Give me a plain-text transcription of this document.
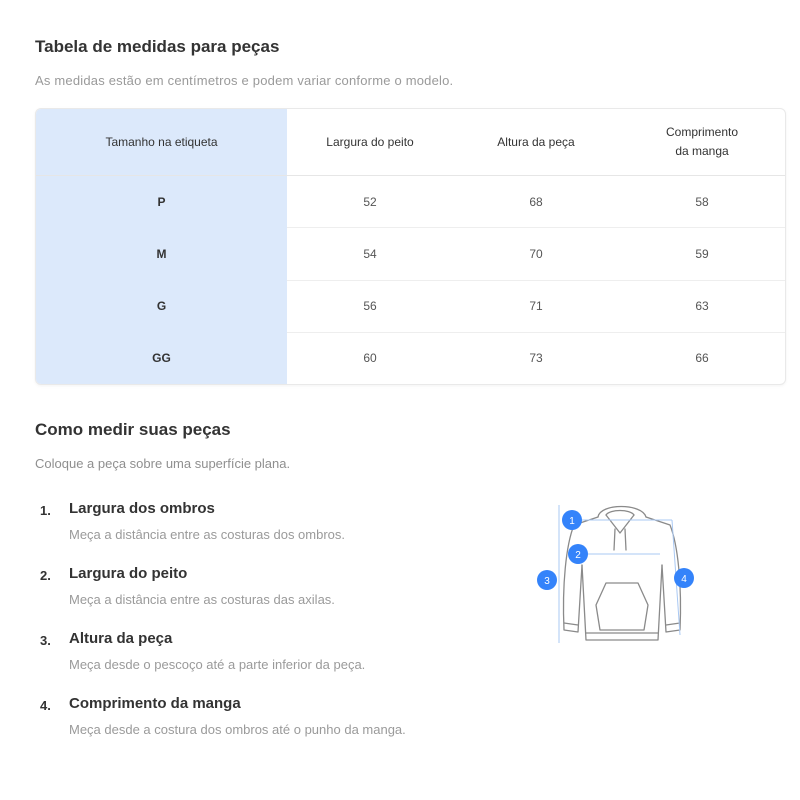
Tabela de medidas para peças

As medidas estão em centímetros e podem variar conforme o modelo.

Tamanho na etiqueta	Largura do peito	Altura da peça	Comprimento da manga
P	52	68	58
M	54	70	59
G	56	71	63
GG	60	73	66
Como medir suas peças

Coloque a peça sobre uma superfície plana.

1. Largura dos ombros
Meça a distância entre as costuras dos ombros.
2. Largura do peito
Meça a distância entre as costuras das axilas.
3. Altura da peça
Meça desde o pescoço até a parte inferior da peça.
4. Comprimento da manga
Meça desde a costura dos ombros até o punho da manga.
1
2
3	4
